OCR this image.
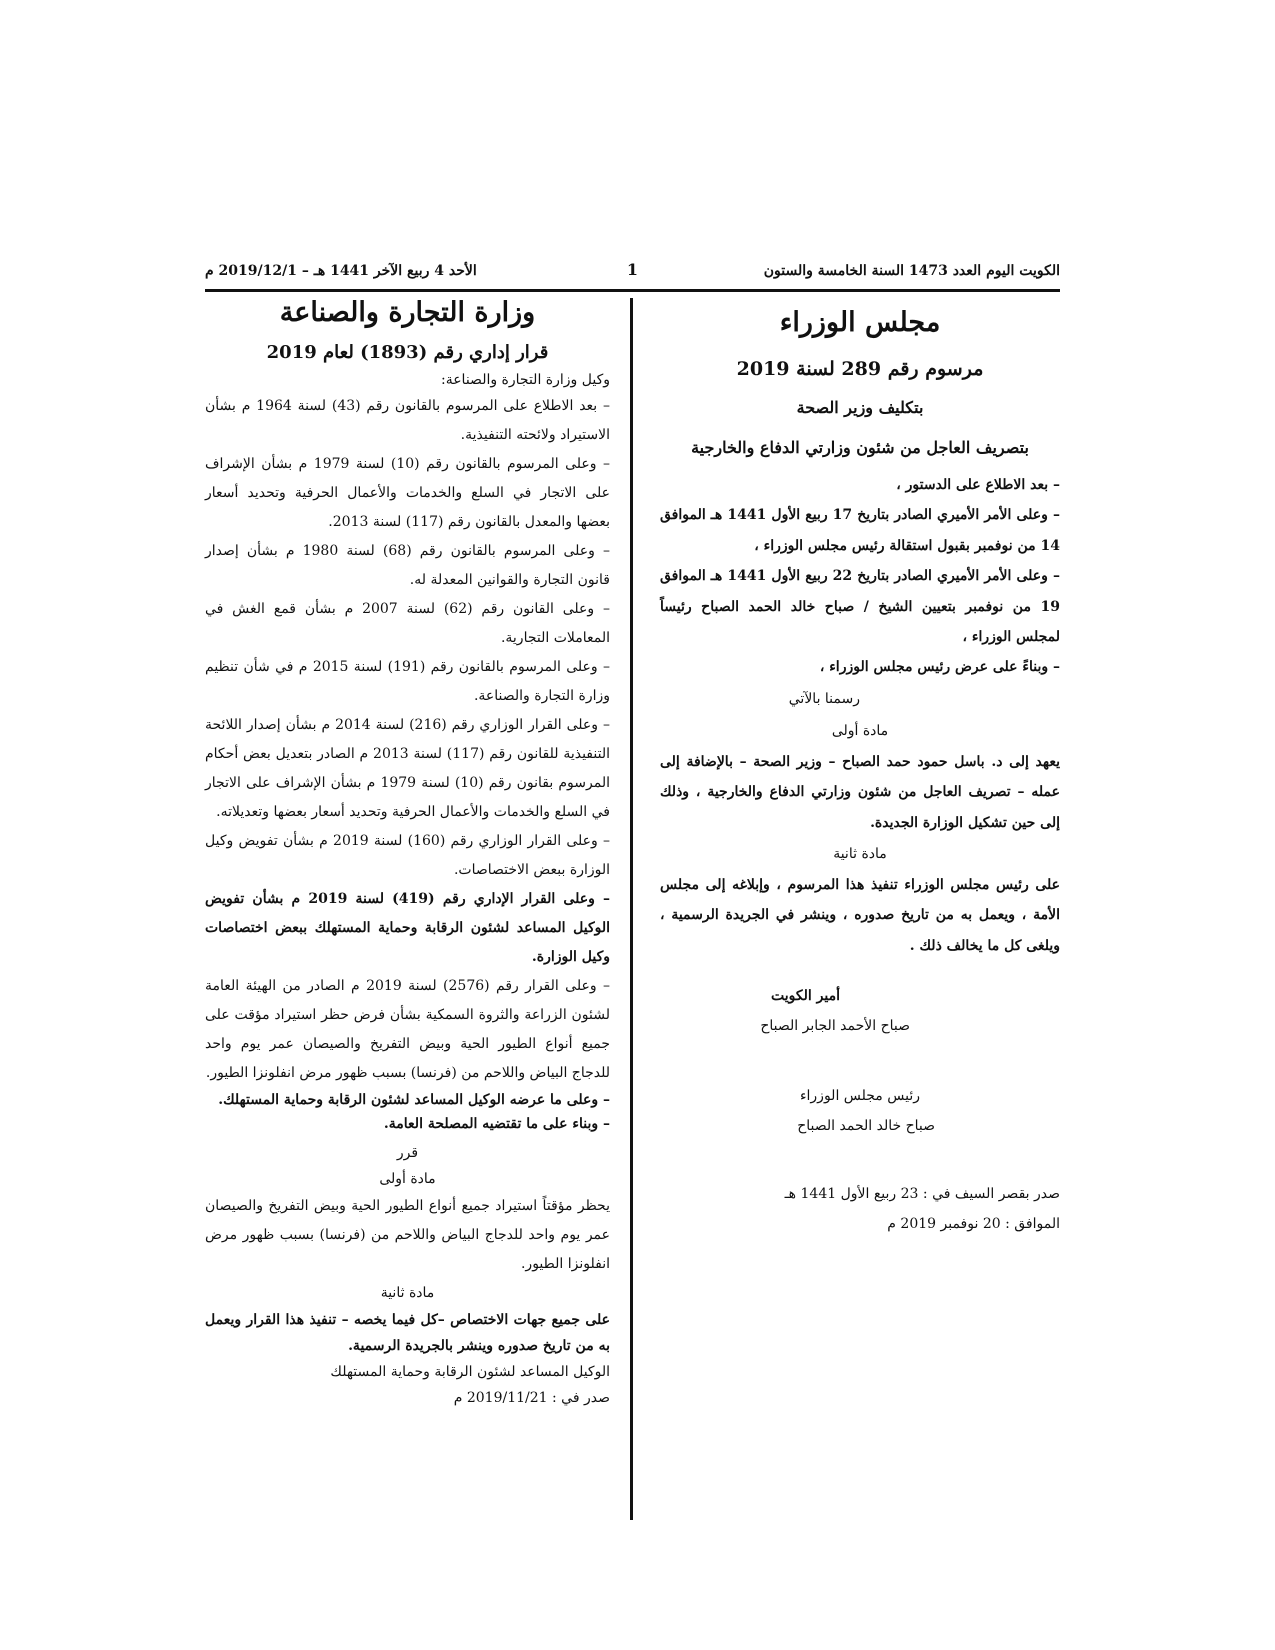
الكويت اليوم العدد 1473 السنة الخامسة والستون
1
الأحد 4 ربيع الآخر 1441 هـ – 2019/12/1 م
مجلس الوزراء
مرسوم رقم 289 لسنة 2019
بتكليف وزير الصحة
بتصريف العاجل من شئون وزارتي الدفاع والخارجية

– بعد الاطلاع على الدستور ،

– وعلى الأمر الأميري الصادر بتاريخ 17 ربيع الأول 1441 هـ الموافق 14 من نوفمبر بقبول استقالة رئيس مجلس الوزراء ،

– وعلى الأمر الأميري الصادر بتاريخ 22 ربيع الأول 1441 هـ الموافق 19 من نوفمبر بتعيين الشيخ / صباح خالد الحمد الصباح رئيساً لمجلس الوزراء ،

– وبناءً على عرض رئيس مجلس الوزراء ،

رسمنا بالآتي
مادة أولى

يعهد إلى د. باسل حمود حمد الصباح – وزير الصحة – بالإضافة إلى عمله – تصريف العاجل من شئون وزارتي الدفاع والخارجية ، وذلك إلى حين تشكيل الوزارة الجديدة.

مادة ثانية

على رئيس مجلس الوزراء تنفيذ هذا المرسوم ، وإبلاغه إلى مجلس الأمة ، ويعمل به من تاريخ صدوره ، وينشر في الجريدة الرسمية ، ويلغى كل ما يخالف ذلك .

أمير الكويت
صباح الأحمد الجابر الصباح
رئيس مجلس الوزراء
صباح خالد الحمد الصباح
صدر بقصر السيف في : 23 ربيع الأول 1441 هـ
الموافق : 20 نوفمبر 2019 م
وزارة التجارة والصناعة
قرار إداري رقم (1893) لعام 2019

وكيل وزارة التجارة والصناعة:

– بعد الاطلاع على المرسوم بالقانون رقم (43) لسنة 1964 م بشأن الاستيراد ولائحته التنفيذية.

– وعلى المرسوم بالقانون رقم (10) لسنة 1979 م بشأن الإشراف على الاتجار في السلع والخدمات والأعمال الحرفية وتحديد أسعار بعضها والمعدل بالقانون رقم (117) لسنة 2013.

– وعلى المرسوم بالقانون رقم (68) لسنة 1980 م بشأن إصدار قانون التجارة والقوانين المعدلة له.

– وعلى القانون رقم (62) لسنة 2007 م بشأن قمع الغش في المعاملات التجارية.

– وعلى المرسوم بالقانون رقم (191) لسنة 2015 م في شأن تنظيم وزارة التجارة والصناعة.

– وعلى القرار الوزاري رقم (216) لسنة 2014 م بشأن إصدار اللائحة التنفيذية للقانون رقم (117) لسنة 2013 م الصادر بتعديل بعض أحكام المرسوم بقانون رقم (10) لسنة 1979 م بشأن الإشراف على الاتجار في السلع والخدمات والأعمال الحرفية وتحديد أسعار بعضها وتعديلاته.

– وعلى القرار الوزاري رقم (160) لسنة 2019 م بشأن تفويض وكيل الوزارة ببعض الاختصاصات.

– وعلى القرار الإداري رقم (419) لسنة 2019 م بشأن تفويض الوكيل المساعد لشئون الرقابة وحماية المستهلك ببعض اختصاصات وكيل الوزارة.

– وعلى القرار رقم (2576) لسنة 2019 م الصادر من الهيئة العامة لشئون الزراعة والثروة السمكية بشأن فرض حظر استيراد مؤقت على جميع أنواع الطيور الحية وبيض التفريخ والصيصان عمر يوم واحد للدجاج البياض واللاحم من (فرنسا) بسبب ظهور مرض انفلونزا الطيور.

– وعلى ما عرضه الوكيل المساعد لشئون الرقابة وحماية المستهلك.

– وبناء على ما تقتضيه المصلحة العامة.

قرر
مادة أولى

يحظر مؤقتاً استيراد جميع أنواع الطيور الحية وبيض التفريخ والصيصان عمر يوم واحد للدجاج البياض واللاحم من (فرنسا) بسبب ظهور مرض انفلونزا الطيور.

مادة ثانية

على جميع جهات الاختصاص –كل فيما يخصه – تنفيذ هذا القرار ويعمل به من تاريخ صدوره وينشر بالجريدة الرسمية.

الوكيل المساعد لشئون الرقابة وحماية المستهلك

صدر في : 2019/11/21 م
